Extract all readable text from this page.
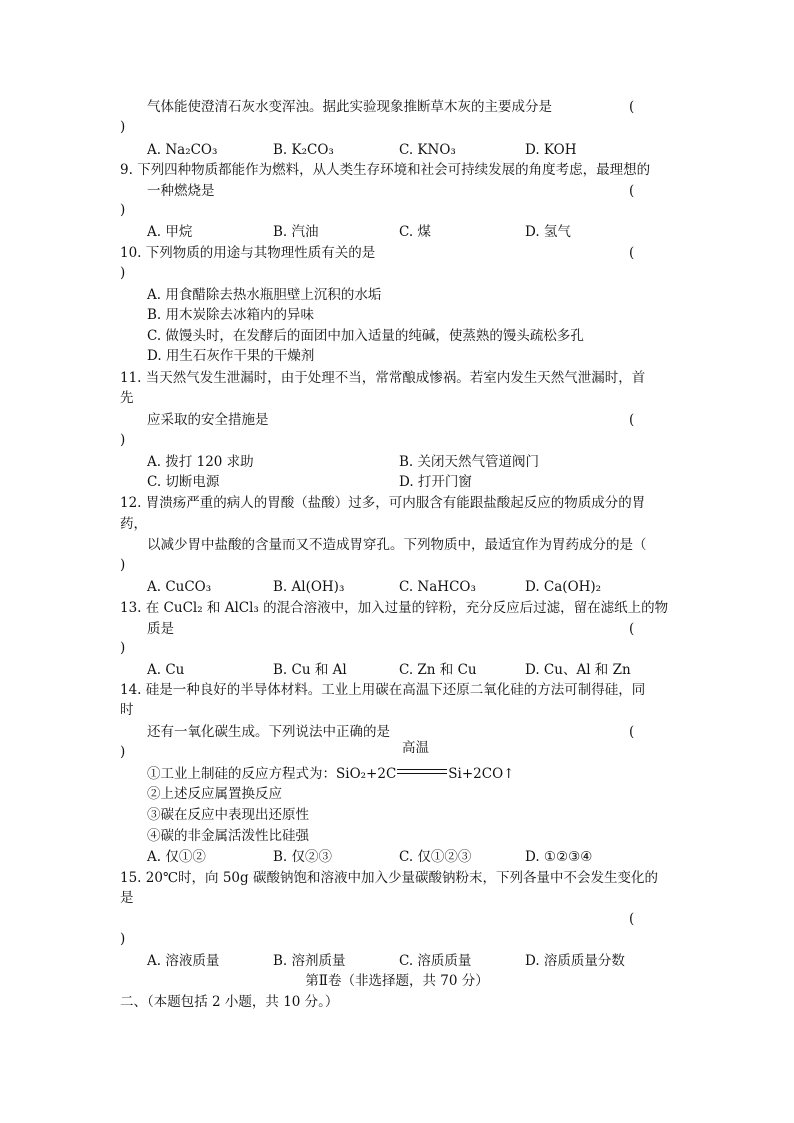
气体能使澄清石灰水变浑浊。据此实验现象推断草木灰的主要成分是	(
)
A. Na₂CO₃	B. K₂CO₃	C. KNO₃	D. KOH
9. 下列四种物质都能作为燃料，从人类生存环境和社会可持续发展的角度考虑，最理想的
一种燃烧是	(
)
A. 甲烷	B. 汽油	C. 煤	D. 氢气
10. 下列物质的用途与其物理性质有关的是	(
)
A. 用食醋除去热水瓶胆壁上沉积的水垢
B. 用木炭除去冰箱内的异味
C. 做馒头时，在发酵后的面团中加入适量的纯碱，使蒸熟的馒头疏松多孔
D. 用生石灰作干果的干燥剂
11. 当天然气发生泄漏时，由于处理不当，常常酿成惨祸。若室内发生天然气泄漏时，首
先
应采取的安全措施是	(
)
A. 拨打 120 求助	B. 关闭天然气管道阀门
C. 切断电源	D. 打开门窗
12. 胃溃疡严重的病人的胃酸（盐酸）过多，可内服含有能跟盐酸起反应的物质成分的胃
药，
以减少胃中盐酸的含量而又不造成胃穿孔。下列物质中，最适宜作为胃药成分的是（
)
A. CuCO₃	B. Al(OH)₃	C. NaHCO₃	D. Ca(OH)₂
13. 在 CuCl₂ 和 AlCl₃ 的混合溶液中，加入过量的锌粉，充分反应后过滤，留在滤纸上的物
质是	(
)
A. Cu	B. Cu 和 Al	C. Zn 和 Cu	D. Cu、Al 和 Zn
14. 硅是一种良好的半导体材料。工业上用碳在高温下还原二氧化硅的方法可制得硅，同
时
还有一氧化碳生成。下列说法中正确的是	(
)	高温
①工业上制硅的反应方程式为：SiO₂+2C	Si+2CO↑
②上述反应属置换反应
③碳在反应中表现出还原性
④碳的非金属活泼性比硅强
A. 仅①②	B. 仅②③	C. 仅①②③	D. ①②③④
15. 20℃时，向 50g 碳酸钠饱和溶液中加入少量碳酸钠粉末，下列各量中不会发生变化的
是
(
)
A. 溶液质量	B. 溶剂质量	C. 溶质质量	D. 溶质质量分数
第Ⅱ卷（非选择题，共 70 分）
二、（本题包括 2 小题，共 10 分。）
